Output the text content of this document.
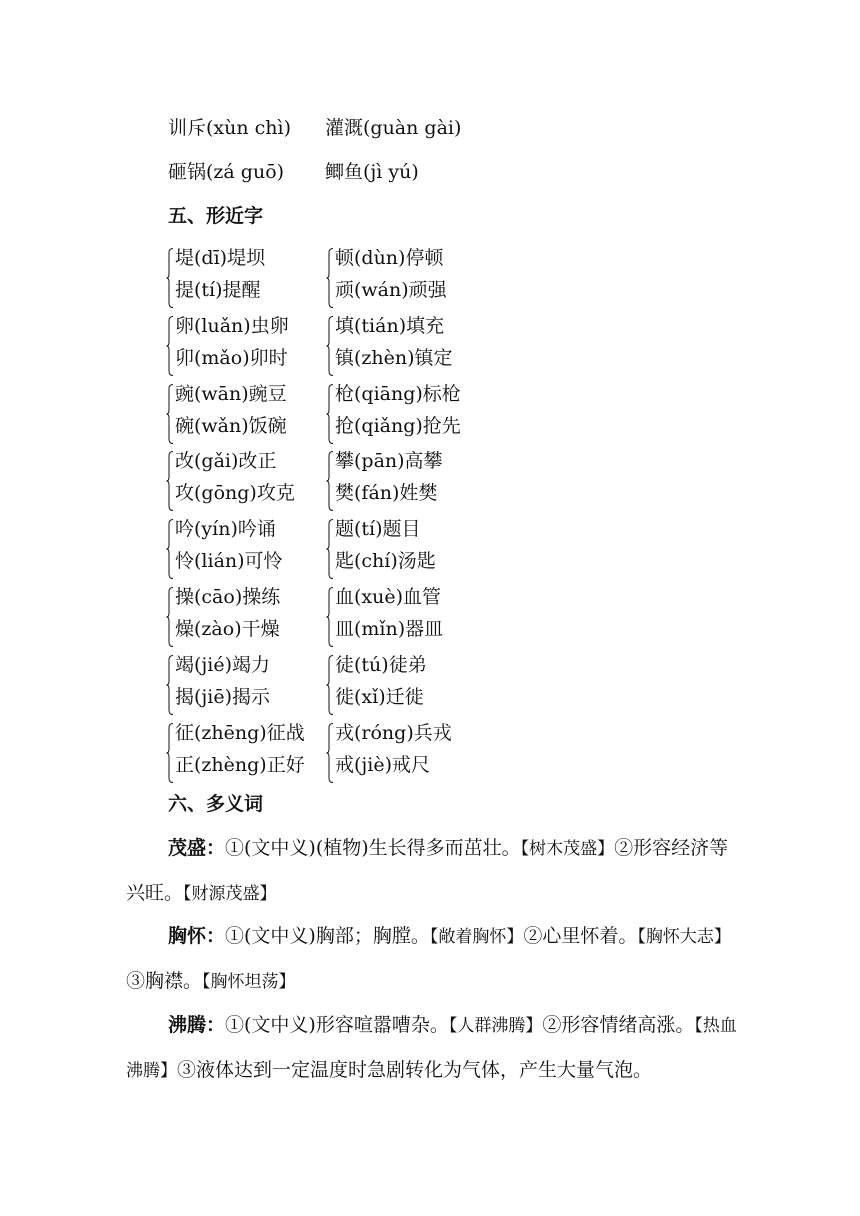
训斥(xùn chì) 灌溉(guàn gài)
砸锅(zá guō) 鲫鱼(jì yú)
五、形近字
堤(dī)堤坝
提(tí)提醒
顿(dùn)停顿
顽(wán)顽强
卵(luǎn)虫卵
卯(mǎo)卯时
填(tián)填充
镇(zhèn)镇定
豌(wān)豌豆
碗(wǎn)饭碗
枪(qiāng)标枪
抢(qiǎng)抢先
改(gǎi)改正
攻(gōng)攻克
攀(pān)高攀
樊(fán)姓樊
吟(yín)吟诵
怜(lián)可怜
题(tí)题目
匙(chí)汤匙
操(cāo)操练
燥(zào)干燥
血(xuè)血管
皿(mǐn)器皿
竭(jié)竭力
揭(jiē)揭示
徒(tú)徒弟
徙(xǐ)迁徙
征(zhēng)征战
正(zhèng)正好
戎(róng)兵戎
戒(jiè)戒尺
六、多义词
茂盛：①(文中义)(植物)生长得多而茁壮。【树木茂盛】②形容经济等兴旺。【财源茂盛】
胸怀：①(文中义)胸部；胸膛。【敞着胸怀】②心里怀着。【胸怀大志】③胸襟。【胸怀坦荡】
沸腾：①(文中义)形容喧嚣嘈杂。【人群沸腾】②形容情绪高涨。【热血沸腾】③液体达到一定温度时急剧转化为气体，产生大量气泡。
